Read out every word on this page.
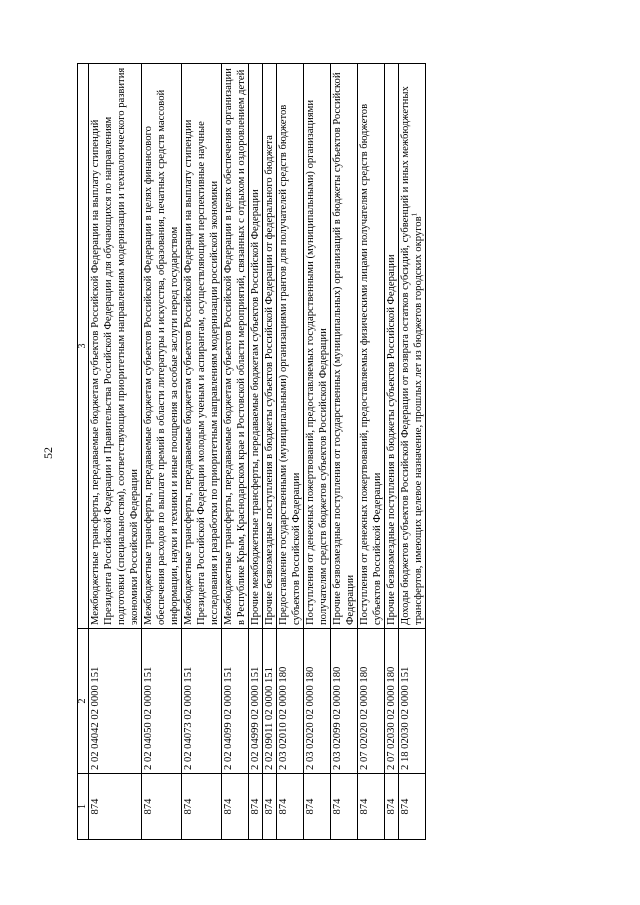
52
1	2	3
874	2 02 04042 02 0000 151	Межбюджетные трансферты, передаваемые бюджетам субъектов Российской Федерации на выплату стипендий Президента Российской Федерации и Правительства Российской Федерации для обучающихся по направлениям подготовки (специальностям), соответствующим приоритетным направлениям модернизации и технологического развития экономики Российской Федерации
874	2 02 04050 02 0000 151	Межбюджетные трансферты, передаваемые бюджетам субъектов Российской Федерации в целях финансового обеспечения расходов по выплате премий в области литературы и искусства, образования, печатных средств массовой информации, науки и техники и иные поощрения за особые заслуги перед государством
874	2 02 04073 02 0000 151	Межбюджетные трансферты, передаваемые бюджетам субъектов Российской Федерации на выплату стипендии Президента Российской Федерации молодым ученым и аспирантам, осуществляющим перспективные научные исследования и разработки по приоритетным направлениям модернизации российской экономики
874	2 02 04099 02 0000 151	Межбюджетные трансферты, передаваемые бюджетам субъектов Российской Федерации в целях обеспечения организации в Республике Крым, Краснодарском крае и Ростовской области мероприятий, связанных с отдыхом и оздоровлением детей
874	2 02 04999 02 0000 151	Прочие межбюджетные трансферты, передаваемые бюджетам субъектов Российской Федерации
874	2 02 09011 02 0000 151	Прочие безвозмездные поступления в бюджеты субъектов Российской Федерации от федерального бюджета
874	2 03 02010 02 0000 180	Предоставление государственными (муниципальными) организациями грантов для получателей средств бюджетов субъектов Российской Федерации
874	2 03 02020 02 0000 180	Поступления от денежных пожертвований, предоставляемых государственными (муниципальными) организациями получателям средств бюджетов субъектов Российской Федерации
874	2 03 02099 02 0000 180	Прочие безвозмездные поступления от государственных (муниципальных) организаций в бюджеты субъектов Российской Федерации
874	2 07 02020 02 0000 180	Поступления от денежных пожертвований, предоставляемых физическими лицами получателям средств бюджетов субъектов Российской Федерации
874	2 07 02030 02 0000 180	Прочие безвозмездные поступления в бюджеты субъектов Российской Федерации
874	2 18 02030 02 0000 151	Доходы бюджетов субъектов Российской Федерации от возврата остатков субсидий, субвенций и иных межбюджетных трансфертов, имеющих целевое назначение, прошлых лет из бюджетов городских округов$^1$
